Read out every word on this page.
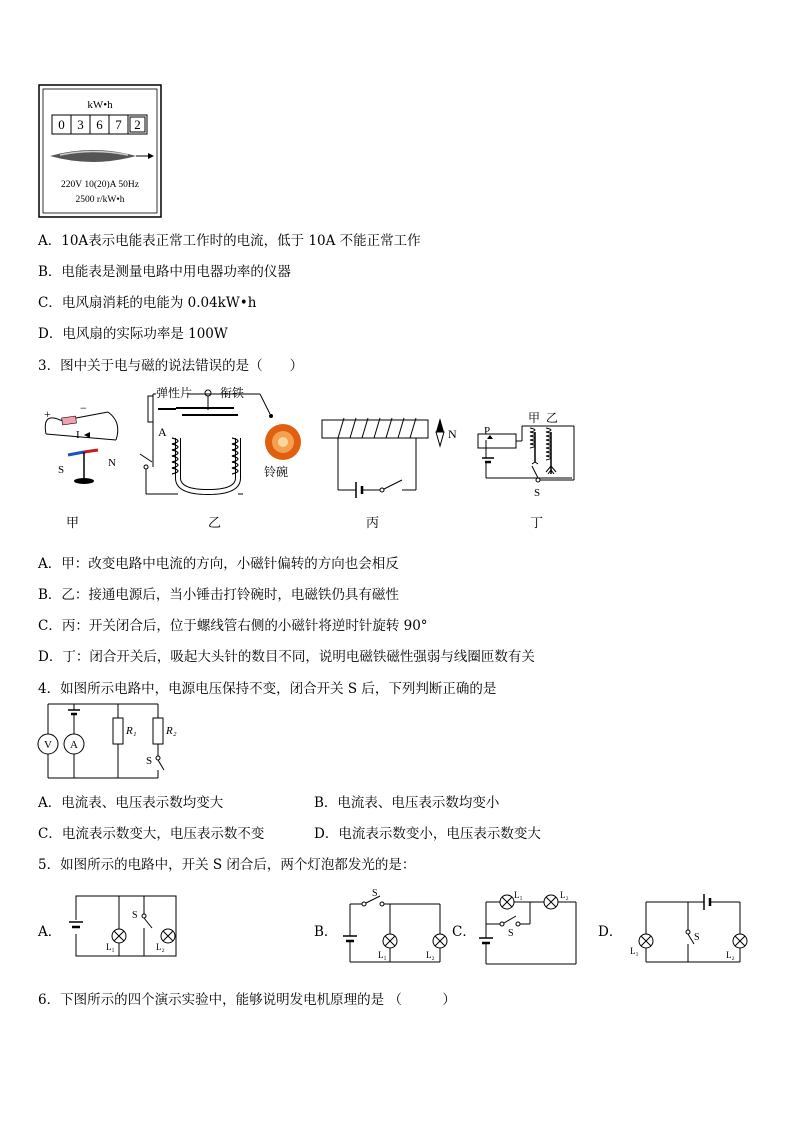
kW•h
0 3 6 7 2
220V 10(20)A 50Hz
2500 r/kW•h
A．10A表示电能表正常工作时的电流，低于 10A 不能正常工作
B．电能表是测量电路中用电器功率的仪器
C．电风扇消耗的电能为 0.04kW•h
D．电风扇的实际功率是 100W
3．图中关于电与磁的说法错误的是（　　）
+ −
I
S
N
弹性片 衔铁
A
铃碗
N P
甲 乙
S
甲	乙	丙	丁
A．甲：改变电路中电流的方向，小磁针偏转的方向也会相反
B．乙：接通电源后，当小锤击打铃碗时，电磁铁仍具有磁性
C．丙：开关闭合后，位于螺线管右侧的小磁针将逆时针旋转 90°
D．丁：闭合开关后，吸起大头针的数目不同，说明电磁铁磁性强弱与线圈匝数有关
4．如图所示电路中，电源电压保持不变，闭合开关 S 后，下列判断正确的是
V A
R₁	R₂
S
A．电流表、电压表示数均变大	B．电流表、电压表示数均变小
C．电流表示数变大，电压表示数不变	D．电流表示数变小，电压表示数变大
5．如图所示的电路中，开关 S 闭合后，两个灯泡都发光的是：
A．
S
L₁	L₂
B．
S
L₁	L₂
C．
L₁	L₂
S	D．
L₁
S
L₂
6．下图所示的四个演示实验中，能够说明发电机原理的是 （　　　）
